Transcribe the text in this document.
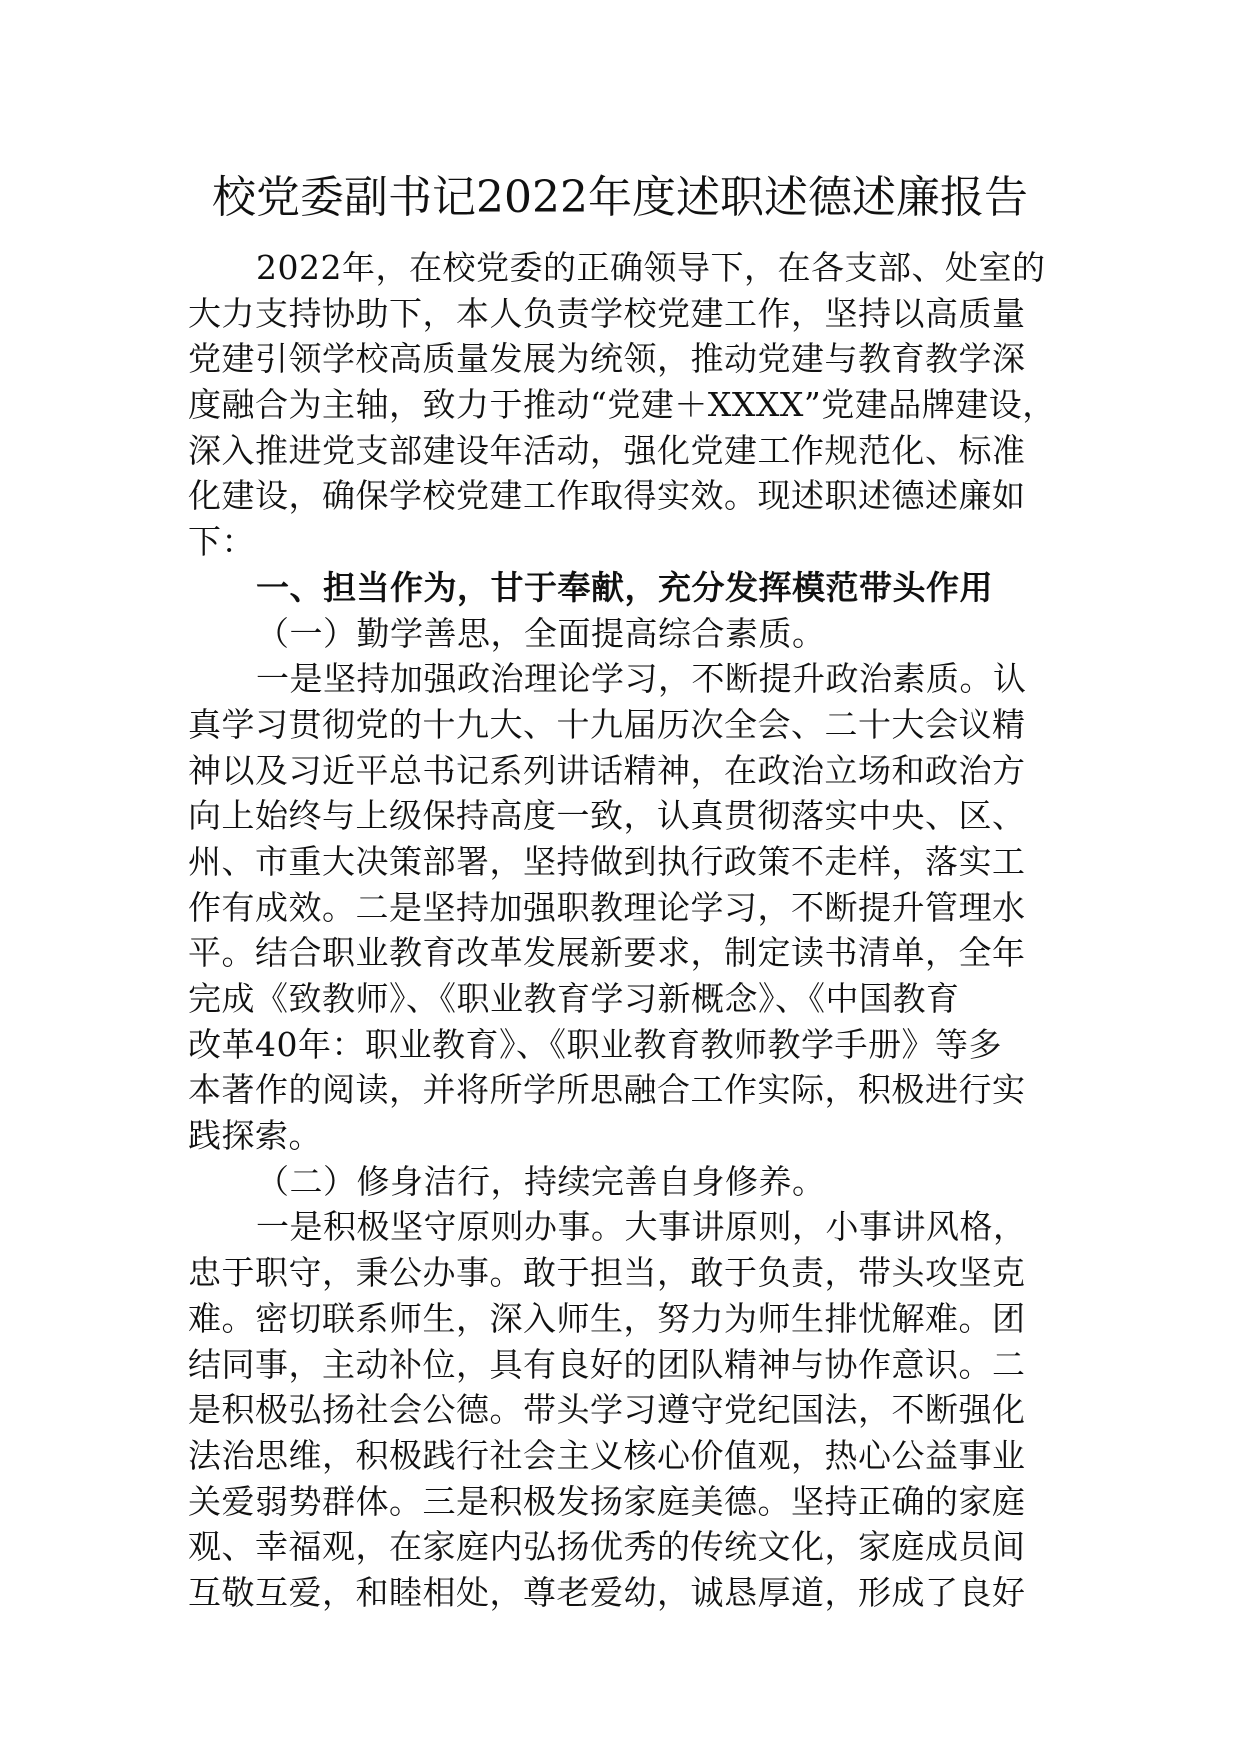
校党委副书记2022年度述职述德述廉报告
2022年，在校党委的正确领导下，在各支部、处室的
大力支持协助下，本人负责学校党建工作，坚持以高质量
党建引领学校高质量发展为统领，推动党建与教育教学深
度融合为主轴，致力于推动“党建＋XXXX”党建品牌建设，
深入推进党支部建设年活动，强化党建工作规范化、标准
化建设，确保学校党建工作取得实效。现述职述德述廉如
下：
一、担当作为，甘于奉献，充分发挥模范带头作用
（一）勤学善思，全面提高综合素质。
一是坚持加强政治理论学习，不断提升政治素质。认
真学习贯彻党的十九大、十九届历次全会、二十大会议精
神以及习近平总书记系列讲话精神，在政治立场和政治方
向上始终与上级保持高度一致，认真贯彻落实中央、区、
州、市重大决策部署，坚持做到执行政策不走样，落实工
作有成效。二是坚持加强职教理论学习，不断提升管理水
平。结合职业教育改革发展新要求，制定读书清单，全年
完成《致教师》、《职业教育学习新概念》、《中国教育
改革40年：职业教育》、《职业教育教师教学手册》等多
本著作的阅读，并将所学所思融合工作实际，积极进行实
践探索。
（二）修身洁行，持续完善自身修养。
一是积极坚守原则办事。大事讲原则，小事讲风格，
忠于职守，秉公办事。敢于担当，敢于负责，带头攻坚克
难。密切联系师生，深入师生，努力为师生排忧解难。团
结同事，主动补位，具有良好的团队精神与协作意识。二
是积极弘扬社会公德。带头学习遵守党纪国法，不断强化
法治思维，积极践行社会主义核心价值观，热心公益事业
关爱弱势群体。三是积极发扬家庭美德。坚持正确的家庭
观、幸福观，在家庭内弘扬优秀的传统文化，家庭成员间
互敬互爱，和睦相处，尊老爱幼，诚恳厚道，形成了良好
